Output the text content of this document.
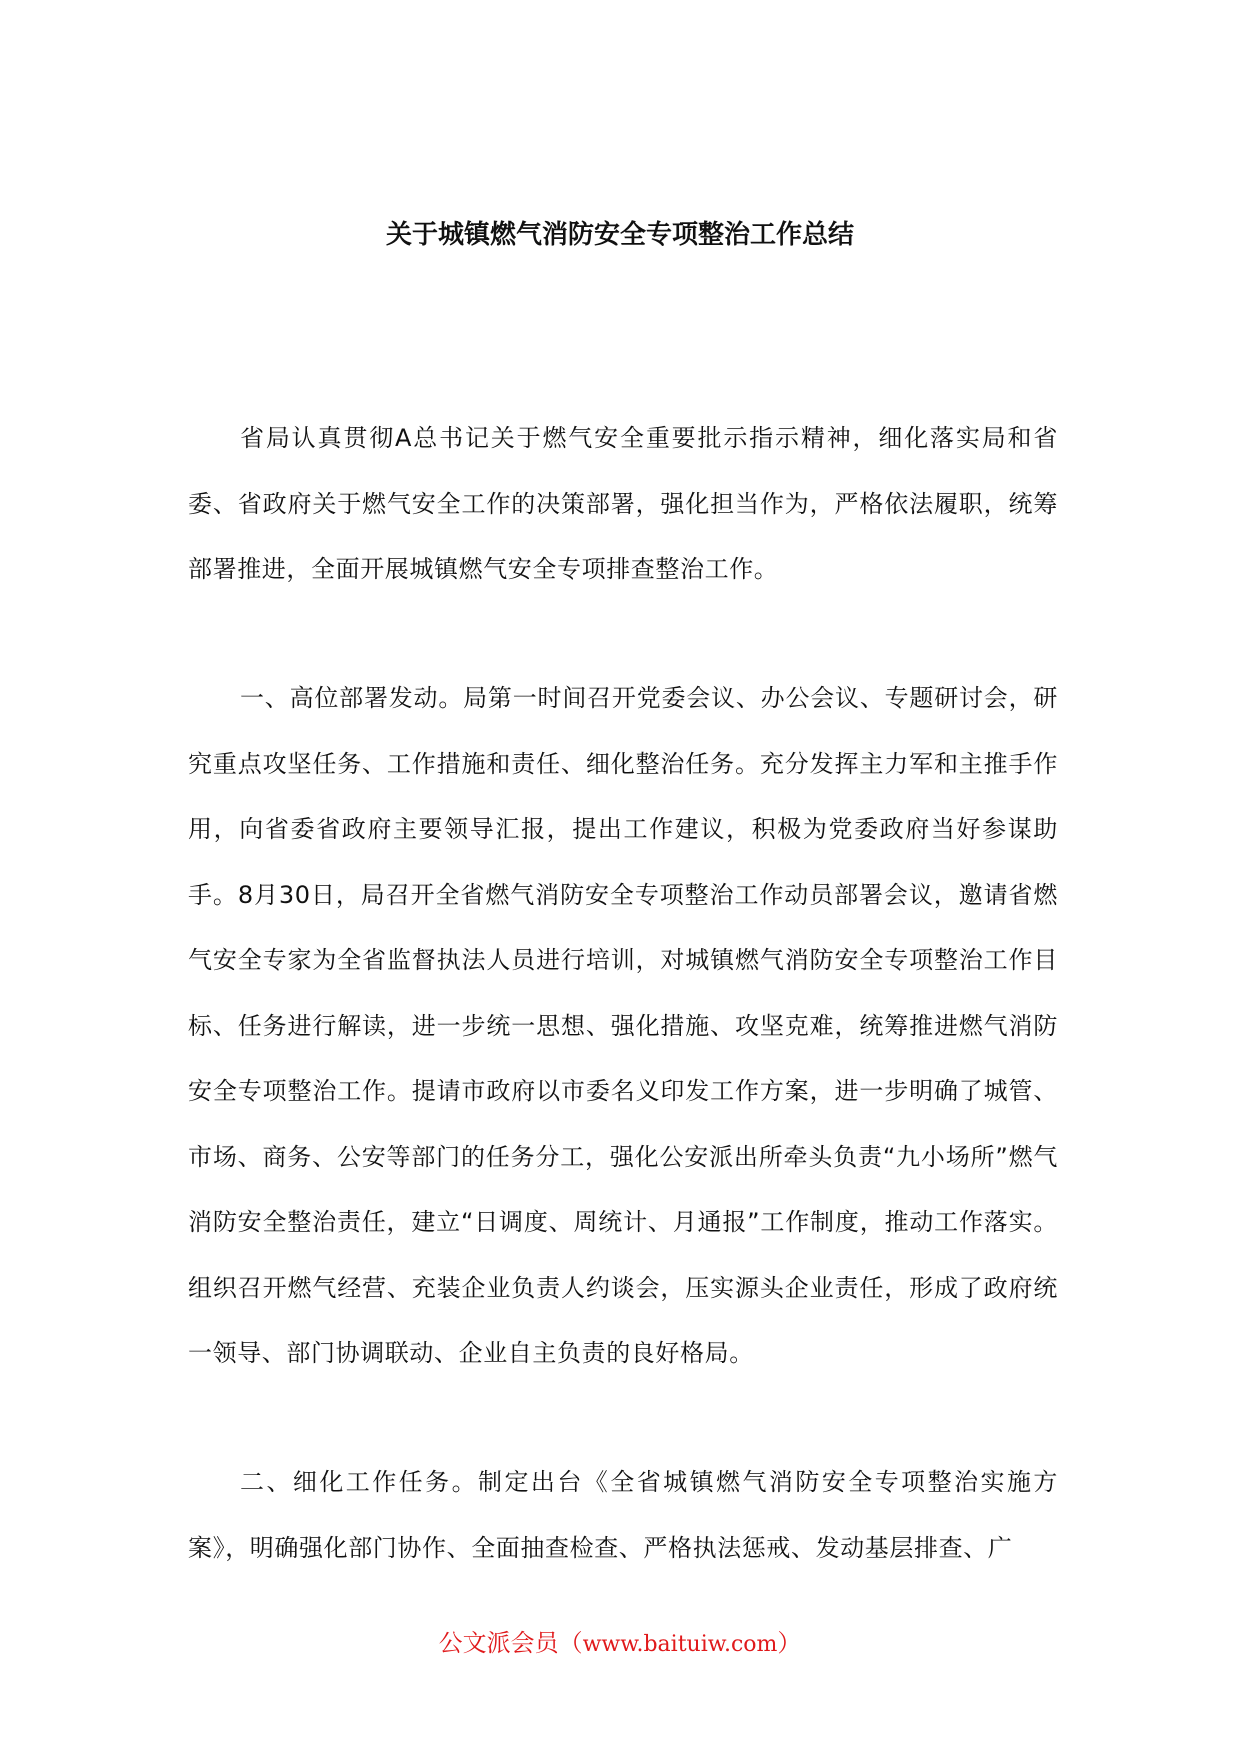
关于城镇燃气消防安全专项整治工作总结

省局认真贯彻A总书记关于燃气安全重要批示指示精神，细化落实局和省委、省政府关于燃气安全工作的决策部署，强化担当作为，严格依法履职，统筹部署推进，全面开展城镇燃气安全专项排查整治工作。

一、高位部署发动。局第一时间召开党委会议、办公会议、专题研讨会，研究重点攻坚任务、工作措施和责任、细化整治任务。充分发挥主力军和主推手作用，向省委省政府主要领导汇报，提出工作建议，积极为党委政府当好参谋助手。8月30日，局召开全省燃气消防安全专项整治工作动员部署会议，邀请省燃气安全专家为全省监督执法人员进行培训，对城镇燃气消防安全专项整治工作目标、任务进行解读，进一步统一思想、强化措施、攻坚克难，统筹推进燃气消防安全专项整治工作。提请市政府以市委名义印发工作方案，进一步明确了城管、市场、商务、公安等部门的任务分工，强化公安派出所牵头负责“九小场所”燃气消防安全整治责任，建立“日调度、周统计、月通报”工作制度，推动工作落实。组织召开燃气经营、充装企业负责人约谈会，压实源头企业责任，形成了政府统一领导、部门协调联动、企业自主负责的良好格局。

二、细化工作任务。制定出台《全省城镇燃气消防安全专项整治实施方案》，明确强化部门协作、全面抽查检查、严格执法惩戒、发动基层排查、广

公文派会员（www.baituiw.com）
